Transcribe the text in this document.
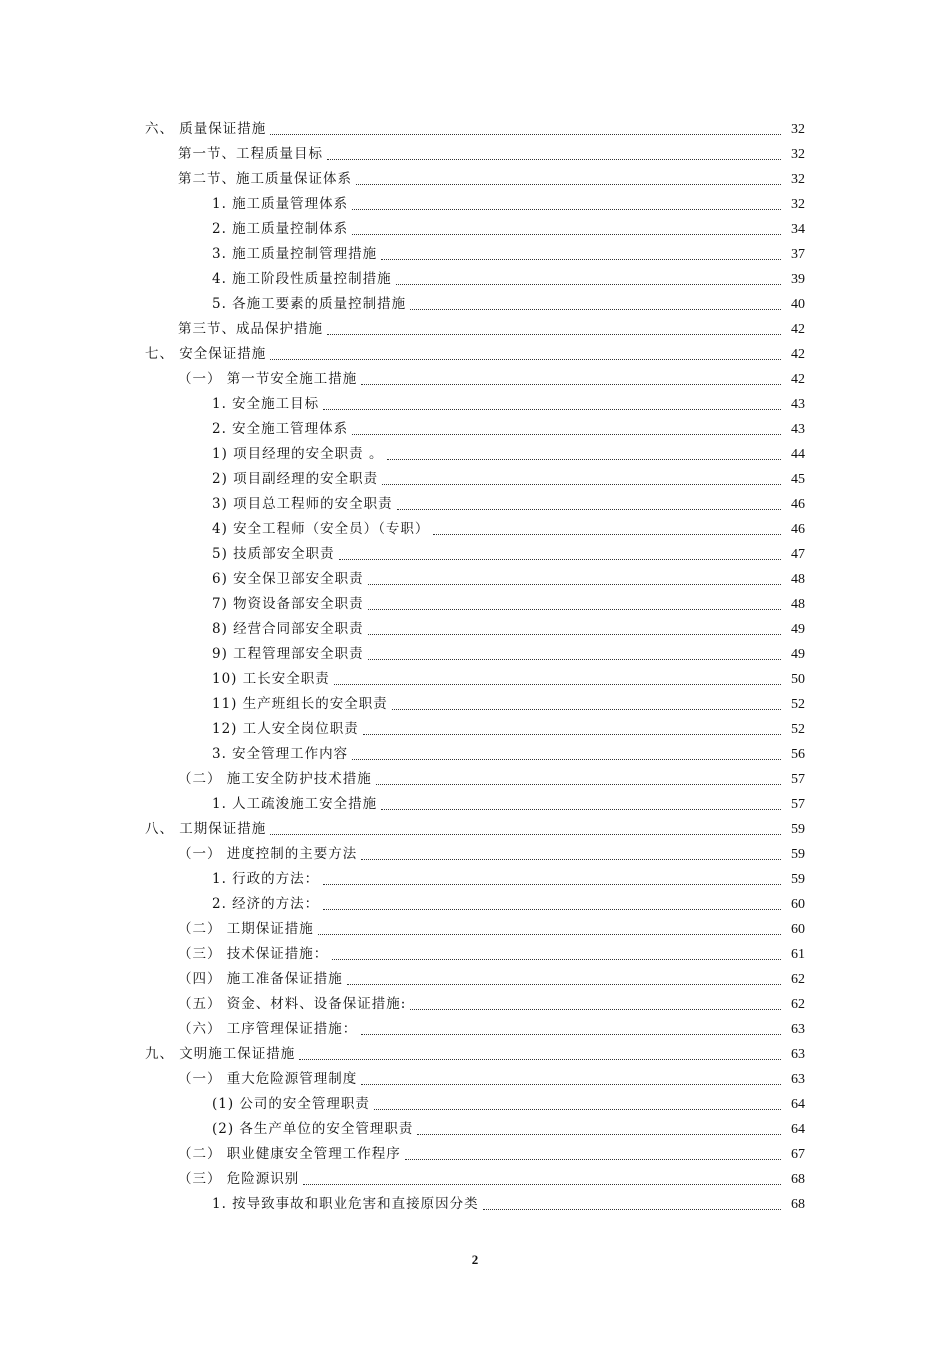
六、 质量保证措施	32
第一节、工程质量目标	32
第二节、施工质量保证体系	32
1. 施工质量管理体系	32
2. 施工质量控制体系	34
3. 施工质量控制管理措施	37
4. 施工阶段性质量控制措施	39
5. 各施工要素的质量控制措施	40
第三节、成品保护措施	42
七、 安全保证措施	42
（一） 第一节安全施工措施	42
1. 安全施工目标	43
2. 安全施工管理体系	43
1) 项目经理的安全职责 。	44
2) 项目副经理的安全职责	45
3) 项目总工程师的安全职责	46
4) 安全工程师（安全员）（专职）	46
5) 技质部安全职责	47
6) 安全保卫部安全职责	48
7) 物资设备部安全职责	48
8) 经营合同部安全职责	49
9) 工程管理部安全职责	49
10) 工长安全职责	50
11) 生产班组长的安全职责	52
12) 工人安全岗位职责	52
3. 安全管理工作内容	56
（二） 施工安全防护技术措施	57
1. 人工疏浚施工安全措施	57
八、 工期保证措施	59
（一） 进度控制的主要方法	59
1. 行政的方法：	59
2. 经济的方法：	60
（二） 工期保证措施	60
（三） 技术保证措施：	61
（四） 施工准备保证措施	62
（五） 资金、材料、设备保证措施:	62
（六） 工序管理保证措施：	63
九、 文明施工保证措施	63
（一） 重大危险源管理制度	63
(1) 公司的安全管理职责	64
(2) 各生产单位的安全管理职责	64
（二） 职业健康安全管理工作程序	67
（三） 危险源识别	68
1. 按导致事故和职业危害和直接原因分类	68
2
